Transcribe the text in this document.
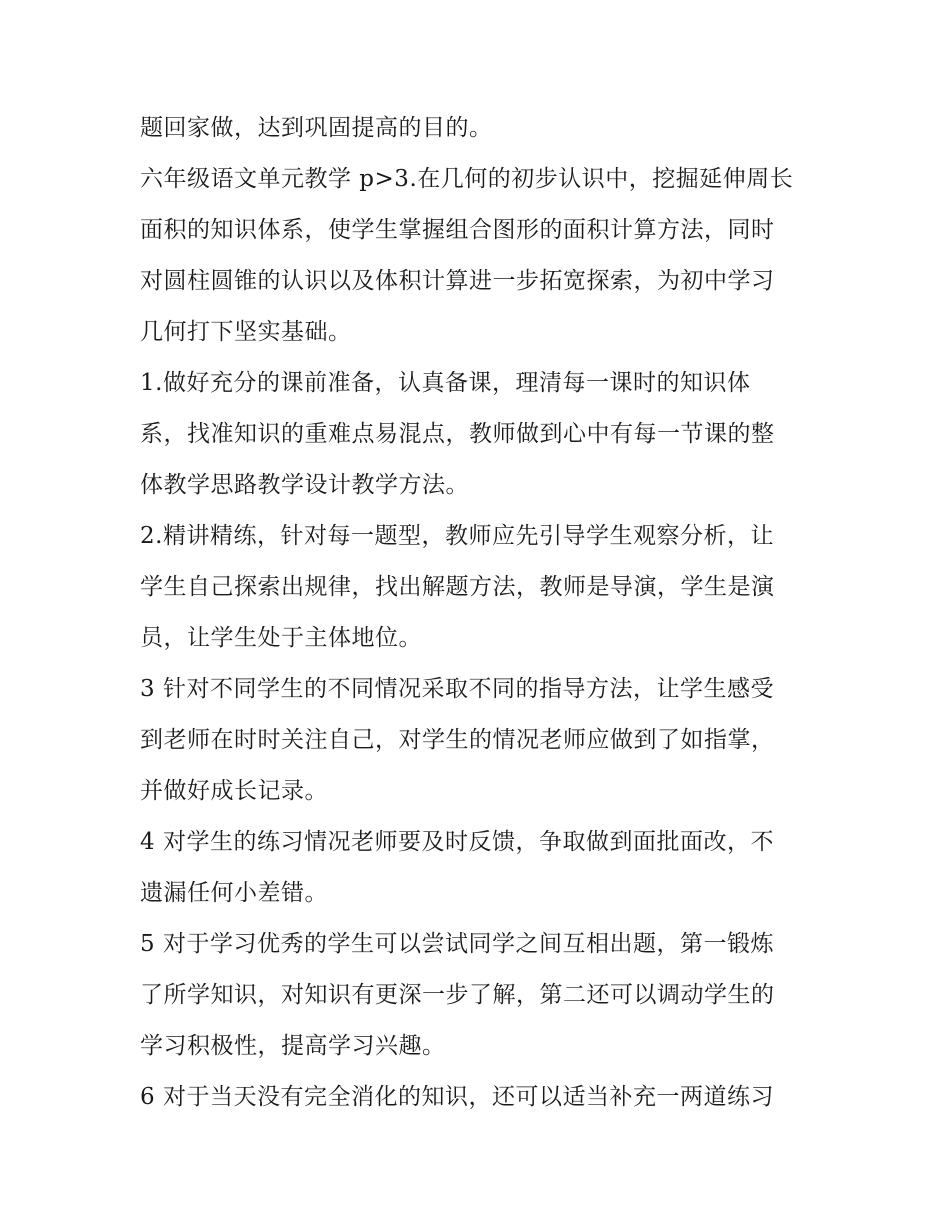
题回家做，达到巩固提高的目的。

六年级语文单元教学 p>3.在几何的初步认识中，挖掘延伸周长
面积的知识体系，使学生掌握组合图形的面积计算方法，同时
对圆柱圆锥的认识以及体积计算进一步拓宽探索，为初中学习
几何打下坚实基础。

1.做好充分的课前准备，认真备课，理清每一课时的知识体
系，找准知识的重难点易混点，教师做到心中有每一节课的整
体教学思路教学设计教学方法。

2.精讲精练，针对每一题型，教师应先引导学生观察分析，让
学生自己探索出规律，找出解题方法，教师是导演，学生是演
员，让学生处于主体地位。

3 针对不同学生的不同情况采取不同的指导方法，让学生感受
到老师在时时关注自己，对学生的情况老师应做到了如指掌，
并做好成长记录。

4 对学生的练习情况老师要及时反馈，争取做到面批面改，不
遗漏任何小差错。

5 对于学习优秀的学生可以尝试同学之间互相出题，第一锻炼
了所学知识，对知识有更深一步了解，第二还可以调动学生的
学习积极性，提高学习兴趣。

6 对于当天没有完全消化的知识，还可以适当补充一两道练习
